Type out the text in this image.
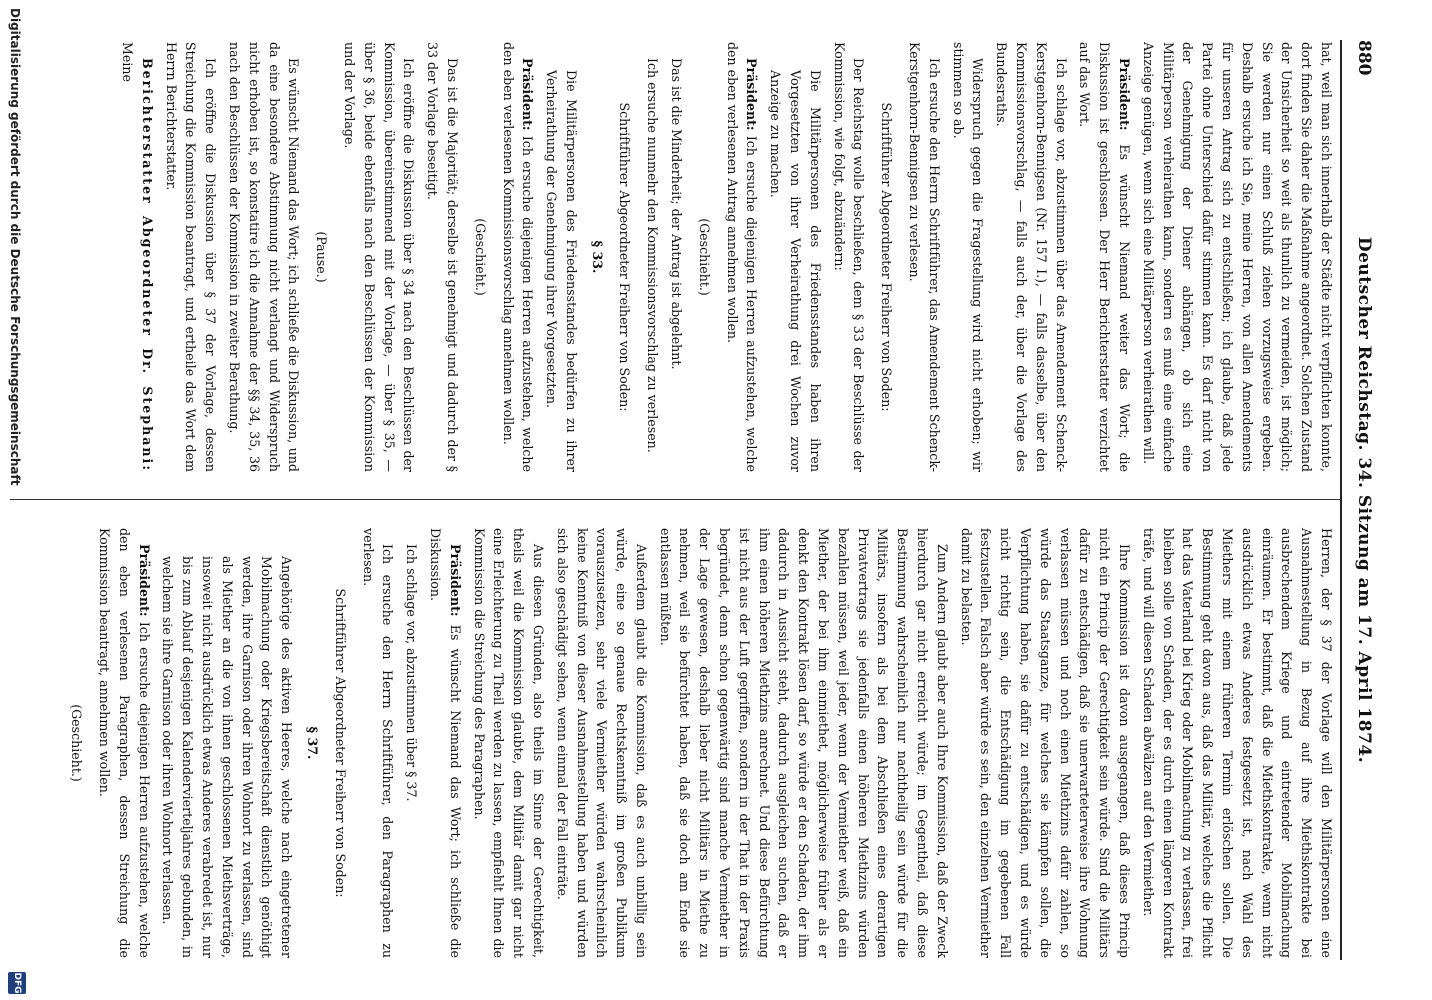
880
Deutscher Reichstag. 34. Sitzung am 17. April 1874.

hat, weil man sich innerhalb der Städte nicht verpflichten konnte, dort finden Sie daher die Maßnahme angeordnet. Solchen Zustand der Unsicherheit so weit als thunlich zu vermeiden, ist möglich; Sie werden nur einen Schluß ziehen vorzugsweise ergeben. Deshalb ersuche ich Sie, meine Herren, von allen Amendements für unseren Antrag sich zu entschließen; ich glaube, daß jede Partei ohne Unterschied dafür stimmen kann. Es darf nicht von der Genehmigung der Diener abhängen, ob sich eine Militärperson verheirathen kann, sondern es muß eine einfache Anzeige genügen, wenn sich eine Militärperson verheirathen will.

Präsident: Es wünscht Niemand weiter das Wort; die Diskussion ist geschlossen. Der Herr Berichterstatter verzichtet auf das Wort.

Ich schlage vor, abzustimmen über das Amendement Schenck-Kerstgenhorn-Bennigsen (Nr. 157 I.), — falls dasselbe, über den Kommissionsvorschlag, — falls auch der, über die Vorlage des Bundesraths.

Widerspruch gegen die Fragestellung wird nicht erhoben; wir stimmen so ab.

Ich ersuche den Herrn Schriftführer, das Amendement Schenck-Kerstgenhorn-Bennigsen zu verlesen.

Schriftführer Abgeordneter Freiherr von Soden:

Der Reichstag wolle beschließen, dem § 33 der Beschlüsse der Kommission, wie folgt, abzuändern:

Die Militärpersonen des Friedensstandes haben ihren Vorgesetzten von ihrer Verheirathung drei Wochen zuvor Anzeige zu machen.

Präsident: Ich ersuche diejenigen Herren aufzustehen, welche den eben verlesenen Antrag annehmen wollen.

(Geschieht.)

Das ist die Minderheit; der Antrag ist abgelehnt.

Ich ersuche nunmehr den Kommissionsvorschlag zu verlesen.

Schriftführer Abgeordneter Freiherr von Soden:

§ 33.

Die Militärpersonen des Friedensstandes bedürfen zu ihrer Verheirathung der Genehmigung ihrer Vorgesetzten.

Präsident: Ich ersuche diejenigen Herren aufzustehen, welche den eben verlesenen Kommissionsvorschlag annehmen wollen.

(Geschieht.)

Das ist die Majorität; derselbe ist genehmigt und dadurch der § 33 der Vorlage beseitigt.

Ich eröffne die Diskussion über § 34 nach den Beschlüssen der Kommission, übereinstimmend mit der Vorlage, — über § 35, — über § 36, beide ebenfalls nach den Beschlüssen der Kommission und der Vorlage.

(Pause.)

Es wünscht Niemand das Wort; ich schließe die Diskussion, und da eine besondere Abstimmung nicht verlangt und Widerspruch nicht erhoben ist, so konstatire ich die Annahme der §§ 34, 35, 36 nach den Beschlüssen der Kommission in zweiter Berathung.

Ich eröffne die Diskussion über § 37 der Vorlage, dessen Streichung die Kommission beantragt, und ertheile das Wort dem Herrn Berichterstatter.

Berichterstatter Abgeordneter Dr. Stephani: Meine

Herren, der § 37 der Vorlage will den Militärpersonen eine Ausnahmestellung in Bezug auf ihre Miethskontrakte bei ausbrechendem Kriege und eintretender Mobilmachung einräumen. Er bestimmt, daß die Miethskontrakte, wenn nicht ausdrücklich etwas Anderes festgesetzt ist, nach Wahl des Miethers mit einem früheren Termin erlöschen sollen. Die Bestimmung geht davon aus, daß das Militär, welches die Pflicht hat das Vaterland bei Krieg oder Mobilmachung zu verlassen, frei bleiben solle von Schaden, der es durch einen längeren Kontrakt träfe, und will diesen Schaden abwälzen auf den Vermiether.

Ihre Kommission ist davon ausgegangen, daß dieses Princip nicht ein Princip der Gerechtigkeit sein würde. Sind die Militärs dafür zu entschädigen, daß sie unerwarteterweise ihre Wohnung verlassen müssen und noch einen Miethzins dafür zahlen, so würde das Staatsganze, für welches sie kämpfen sollen, die Verpflichtung haben, sie dafür zu entschädigen, und es würde nicht richtig sein, die Entschädigung im gegebenen Fall festzustellen. Falsch aber würde es sein, den einzelnen Vermiether damit zu belasten.

Zum Andern glaubt aber auch Ihre Kommission, daß der Zweck hierdurch gar nicht erreicht würde; im Gegentheil, daß diese Bestimmung wahrscheinlich nur nachtheilig sein würde für die Militärs, insofern als bei dem Abschließen eines derartigen Privatvertrags sie jedenfalls einen höheren Miethzins würden bezahlen müssen, weil jeder, wenn der Vermiether weiß, daß ein Miether, der bei ihm einmiethet, möglicherweise früher als er denkt den Kontrakt lösen darf, so würde er den Schaden, der ihm dadurch in Aussicht steht, dadurch ausgleichen suchen, daß er ihm einen höheren Miethzins anrechnet. Und diese Befürchtung ist nicht aus der Luft gegriffen, sondern in der That in der Praxis begründet, denn schon gegenwärtig sind manche Vermiether in der Lage gewesen, deshalb lieber nicht Militärs in Miethe zu nehmen, weil sie befürchtet haben, daß sie doch am Ende sie entlassen müßten.

Außerdem glaubt die Kommission, daß es auch unbillig sein würde, eine so genaue Rechtskenntniß im großen Publikum vorauszusetzen, sehr viele Vermiether würden wahrscheinlich keine Kenntniß von dieser Ausnahmestellung haben und würden sich also geschädigt sehen, wenn einmal der Fall einträte.

Aus diesen Gründen, also theils im Sinne der Gerechtigkeit, theils weil die Kommission glaubte, dem Militär damit gar nicht eine Erleichterung zu Theil werden zu lassen, empfiehlt Ihnen die Kommission die Streichung des Paragraphen.

Präsident: Es wünscht Niemand das Wort; ich schließe die Diskussion.

Ich schlage vor, abzustimmen über § 37.

Ich ersuche den Herrn Schriftführer, den Paragraphen zu verlesen.

Schriftführer Abgeordneter Freiherr von Soden:

§ 37.

Angehörige des aktiven Heeres, welche nach eingetretener Mobilmachung oder Kriegsbereitschaft dienstlich genöthigt werden, ihre Garnison oder ihren Wohnort zu verlassen, sind als Miether an die von ihnen geschlossenen Miethsverträge, insoweit nicht ausdrücklich etwas Anderes verabredet ist, nur bis zum Ablauf desjenigen Kalendervierteljahres gebunden, in welchem sie ihre Garnison oder ihren Wohnort verlassen.

Präsident: Ich ersuche diejenigen Herren aufzustehen, welche den eben verlesenen Paragraphen, dessen Streichung die Kommission beantragt, annehmen wollen.

(Geschieht.)

Digitalisierung gefördert durch die Deutsche Forschungsgemeinschaft
DFG
